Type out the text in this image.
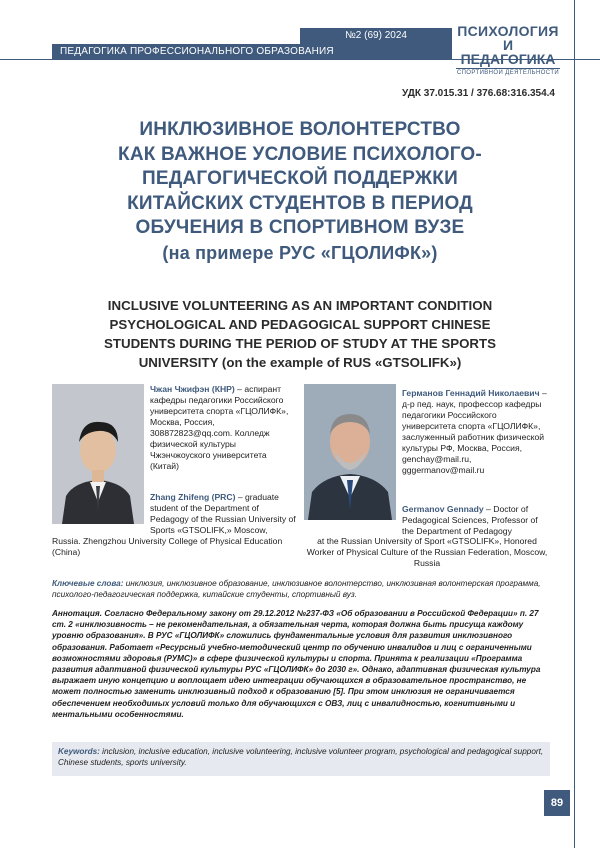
№2 (69) 2024
ПЕДАГОГИКА ПРОФЕССИОНАЛЬНОГО ОБРАЗОВАНИЯ
ПСИХОЛОГИЯ
И ПЕДАГОГИКА
СПОРТИВНОЙ ДЕЯТЕЛЬНОСТИ
УДК 37.015.31 / 376.68:316.354.4
ИНКЛЮЗИВНОЕ ВОЛОНТЕРСТВО
КАК ВАЖНОЕ УСЛОВИЕ ПСИХОЛОГО-
ПЕДАГОГИЧЕСКОЙ ПОДДЕРЖКИ
КИТАЙСКИХ СТУДЕНТОВ В ПЕРИОД
ОБУЧЕНИЯ В СПОРТИВНОМ ВУЗЕ
(на примере РУС «ГЦОЛИФК»)
INCLUSIVE VOLUNTEERING AS AN IMPORTANT CONDITION
PSYCHOLOGICAL AND PEDAGOGICAL SUPPORT CHINESE
STUDENTS DURING THE PERIOD OF STUDY AT THE SPORTS
UNIVERSITY (on the example of RUS «GTSOLIFK»)
Чжан Чжифэн (КНР) – аспирант кафедры педагогики Российского университета спорта «ГЦОЛИФК», Москва, Россия, 308872823@qq.com. Колледж физической культуры Чжэнчжоуского университета (Китай)
Zhang Zhifeng (PRC) – graduate student of the Department of Pedagogy of the Russian University of Sports «GTSOLIFK,» Moscow,
Russia. Zhengzhou University College of Physical Education (China)
Германов Геннадий Николаевич – д-р пед. наук, профессор кафедры педагогики Российского университета спорта «ГЦОЛИФК», заслуженный работник физической культуры РФ, Москва, Россия, genchay@mail.ru, gggermanov@mail.ru
Germanov Gennady – Doctor of Pedagogical Sciences, Professor of the Department of Pedagogy
at the Russian University of Sport «GTSOLIFK», Honored Worker of Physical Culture of the Russian Federation, Moscow, Russia
Ключевые слова: инклюзия, инклюзивное образование, инклюзивное волонтерство, инклюзивная волонтерская программа, психолого-педагогическая поддержка, китайские студенты, спортивный вуз.
Аннотация. Согласно Федеральному закону от 29.12.2012 №237-ФЗ «Об образовании в Российской Федерации» п. 27 ст. 2 «инклюзивность – не рекомендательная, а обязательная черта, которая должна быть присуща каждому уровню образования». В РУС «ГЦОЛИФК» сложились фундаментальные условия для развития инклюзивного образования. Работает «Ресурсный учебно-методический центр по обучению инвалидов и лиц с ограниченными возможностями здоровья (РУМС)» в сфере физической культуры и спорта. Принята к реализации «Программа развития адаптивной физической культуры РУС «ГЦОЛИФК» до 2030 г». Однако, адаптивная физическая культура выражает иную концепцию и воплощает идею интеграции обучающихся в образовательное пространство, не может полностью заменить инклюзивный подход к образованию [5]. При этом инклюзия не ограничивается обеспечением необходимых условий только для обучающихся с ОВЗ, лиц с инвалидностью, когнитивными и ментальными особенностями.
Keywords: inclusion, inclusive education, inclusive volunteering, inclusive volunteer program, psychological and pedagogical support, Chinese students, sports university.
89
